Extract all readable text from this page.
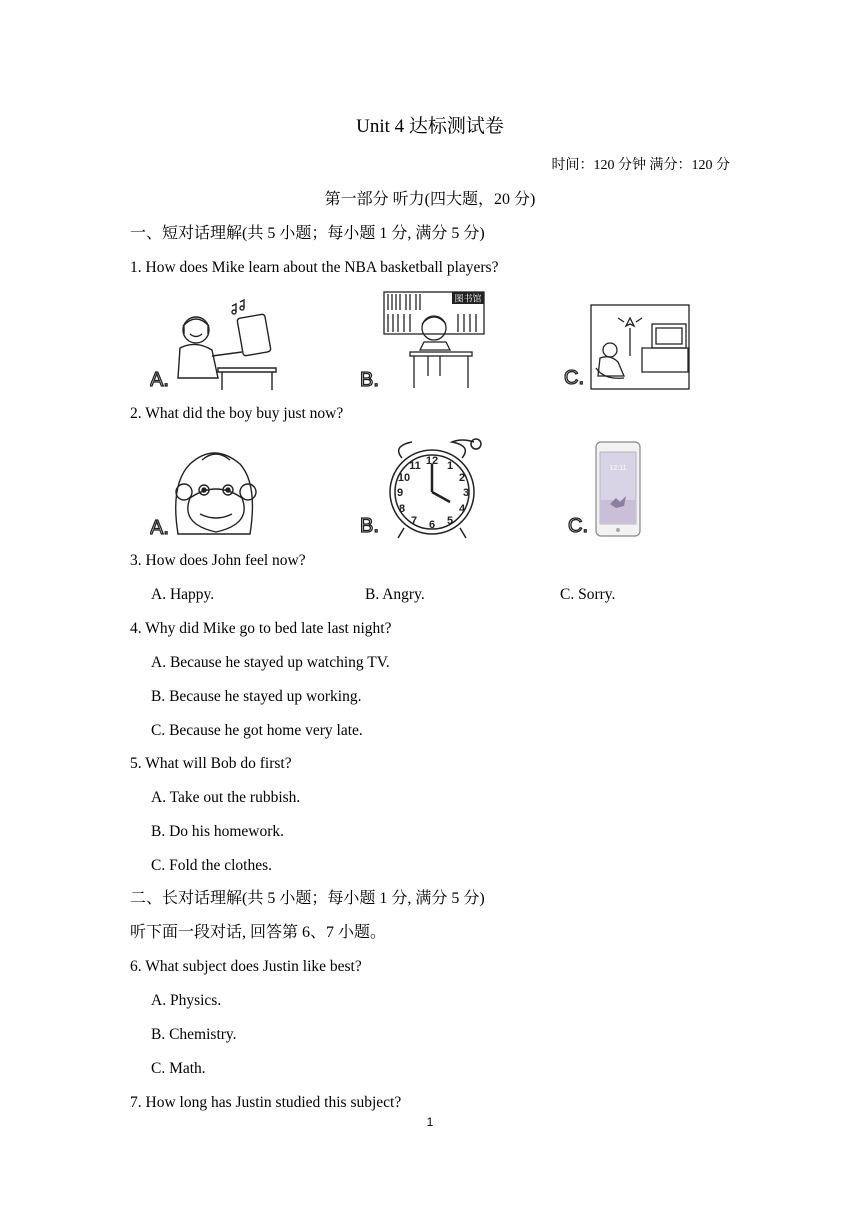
Unit 4 达标测试卷
时间：120 分钟 满分：120 分
第一部分 听力(四大题，20 分)
一、短对话理解(共 5 小题；每小题 1 分, 满分 5 分)
1. How does Mike learn about the NBA basketball players?
A.
图书馆
B.	C.
2. What did the boy buy just now?
A.
12 1
2
3
4
5
6
7
8
9
10
11
B.
12:11
C.
3. How does John feel now?
A. Happy.	B. Angry.	C. Sorry.
4. Why did Mike go to bed late last night?
A. Because he stayed up watching TV.
B. Because he stayed up working.
C. Because he got home very late.
5. What will Bob do first?
A. Take out the rubbish.
B. Do his homework.
C. Fold the clothes.
二、长对话理解(共 5 小题；每小题 1 分, 满分 5 分)
听下面一段对话, 回答第 6、7 小题。
6. What subject does Justin like best?
A. Physics.
B. Chemistry.
C. Math.
7. How long has Justin studied this subject?
1
